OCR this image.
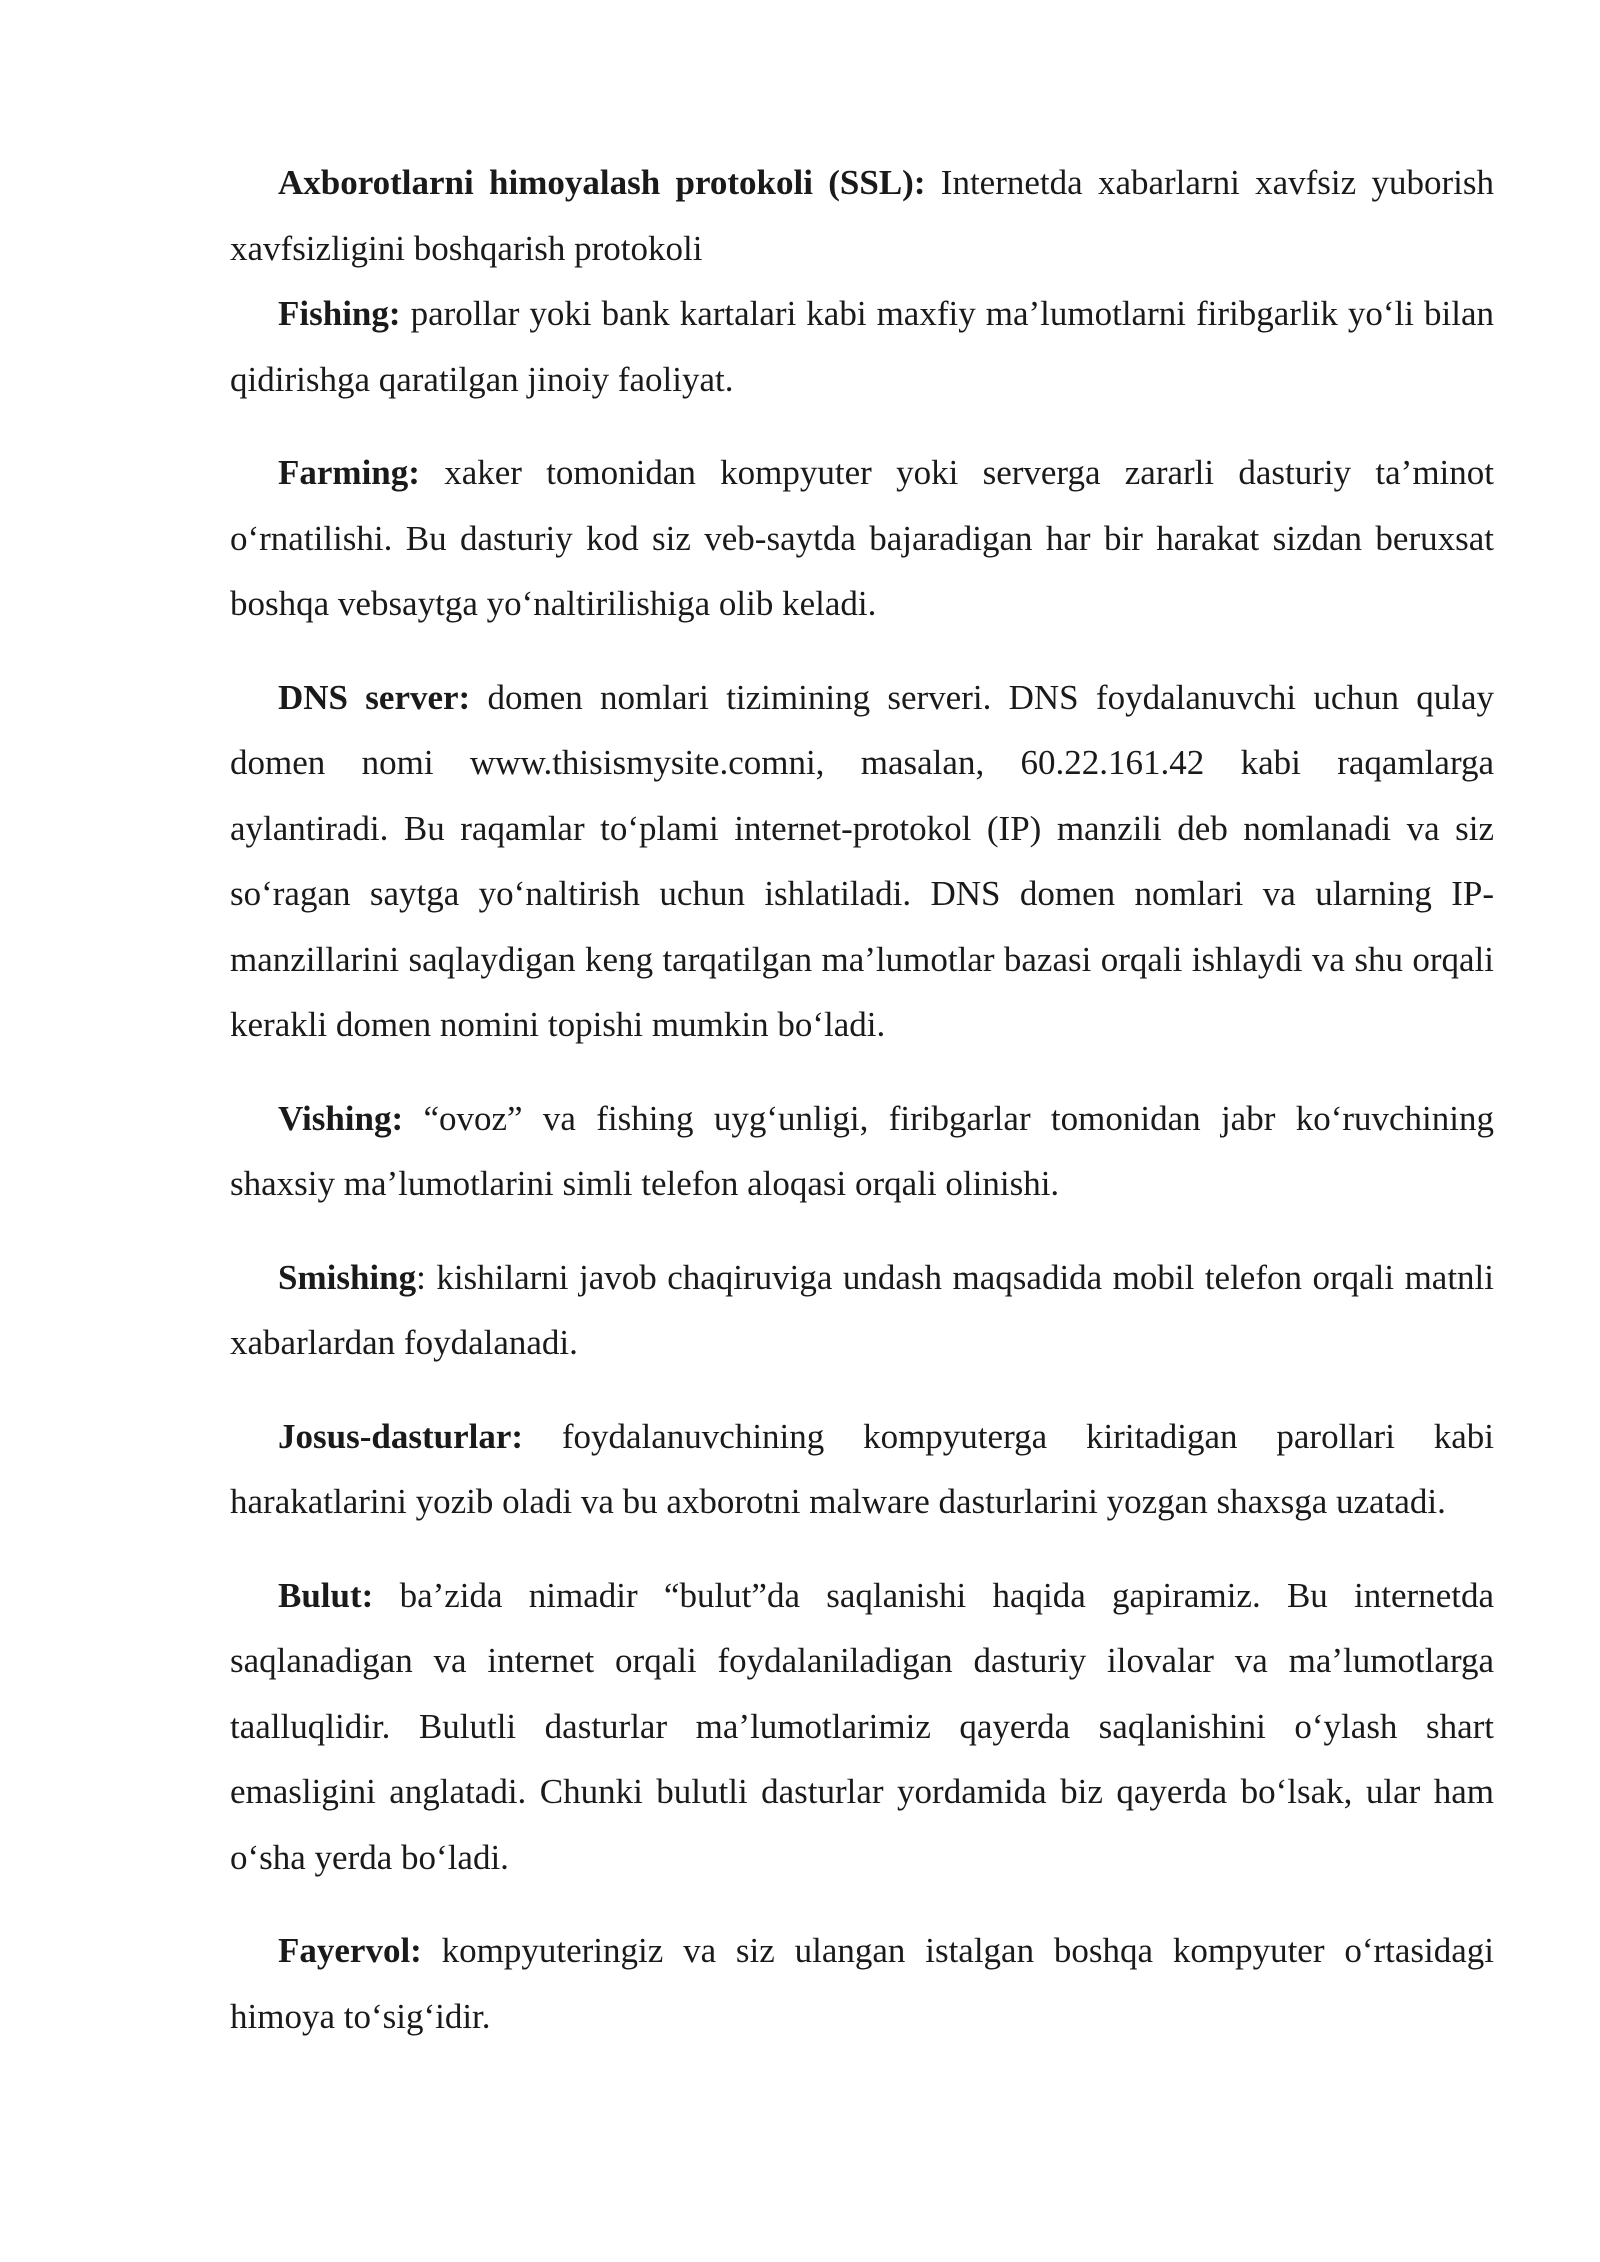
Axborotlarni himoyalash protokoli (SSL): Internetda xabarlarni xavfsiz yuborish xavfsizligini boshqarish protokoli

Fishing: parollar yoki bank kartalari kabi maxfiy ma’lumotlarni firibgarlik yo‘li bilan qidirishga qaratilgan jinoiy faoliyat.

Farming: xaker tomonidan kompyuter yoki serverga zararli dasturiy ta’minot o‘rnatilishi. Bu dasturiy kod siz veb-saytda bajaradigan har bir harakat sizdan beruxsat boshqa vebsaytga yo‘naltirilishiga olib keladi.

DNS server: domen nomlari tizimining serveri. DNS foydalanuvchi uchun qulay domen nomi www.thisismysite.comni, masalan, 60.22.161.42 kabi raqamlarga aylantiradi. Bu raqamlar to‘plami internet-protokol (IP) manzili deb nomlanadi va siz so‘ragan saytga yo‘naltirish uchun ishlatiladi. DNS domen nomlari va ularning IP-manzillarini saqlaydigan keng tarqatilgan ma’lumotlar bazasi orqali ishlaydi va shu orqali kerakli domen nomini topishi mumkin bo‘ladi.

Vishing: “ovoz” va fishing uyg‘unligi, firibgarlar tomonidan jabr ko‘ruvchining shaxsiy ma’lumotlarini simli telefon aloqasi orqali olinishi.

Smishing: kishilarni javob chaqiruviga undash maqsadida mobil telefon orqali matnli xabarlardan foydalanadi.

Josus-dasturlar: foydalanuvchining kompyuterga kiritadigan parollari kabi harakatlarini yozib oladi va bu axborotni malware dasturlarini yozgan shaxsga uzatadi.

Bulut: ba’zida nimadir “bulut”da saqlanishi haqida gapiramiz. Bu internetda saqlanadigan va internet orqali foydalaniladigan dasturiy ilovalar va ma’lumotlarga taalluqlidir. Bulutli dasturlar ma’lumotlarimiz qayerda saqlanishini o‘ylash shart emasligini anglatadi. Chunki bulutli dasturlar yordamida biz qayerda bo‘lsak, ular ham o‘sha yerda bo‘ladi.

Fayervol: kompyuteringiz va siz ulangan istalgan boshqa kompyuter o‘rtasidagi himoya to‘sig‘idir.
